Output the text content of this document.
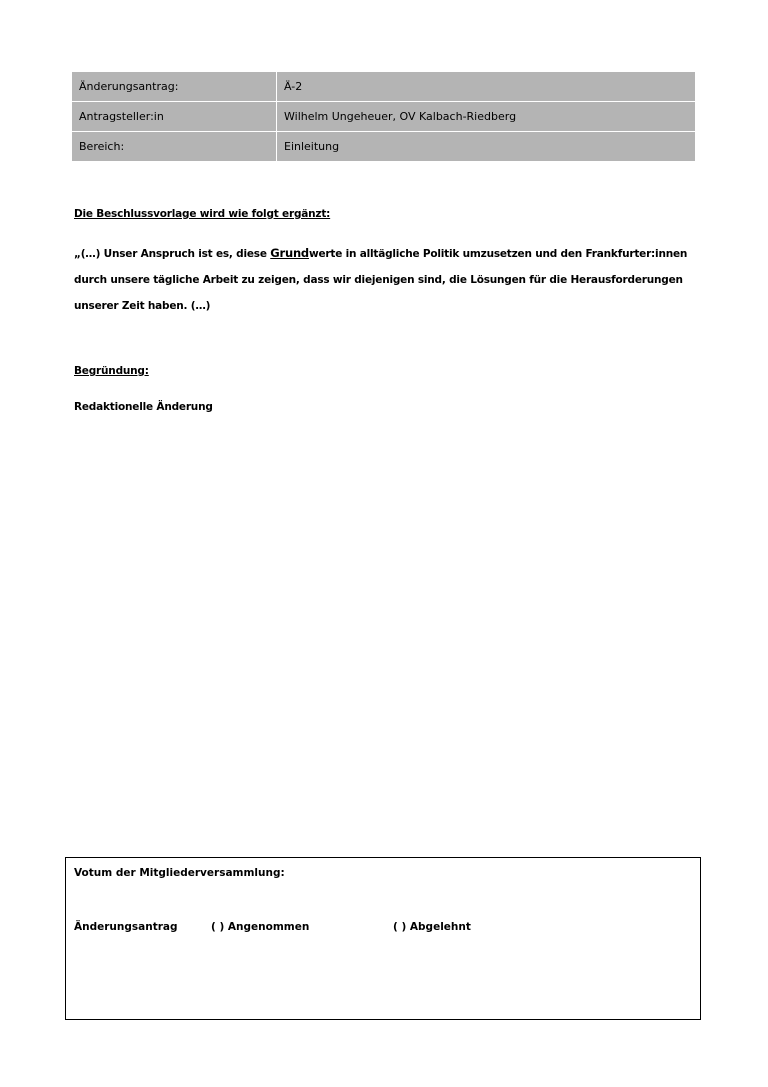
Änderungsantrag:	Ä-2
Antragsteller:in	Wilhelm Ungeheuer, OV Kalbach-Riedberg
Bereich:	Einleitung
Die Beschlussvorlage wird wie folgt ergänzt:
„(…) Unser Anspruch ist es, diese Grundwerte in alltägliche Politik umzusetzen und den Frankfurter:innen durch unsere tägliche Arbeit zu zeigen, dass wir diejenigen sind, die Lösungen für die Herausforderungen unserer Zeit haben. (…)
Begründung:
Redaktionelle Änderung
Votum der Mitgliederversammlung:
Änderungsantrag	( ) Angenommen	( ) Abgelehnt
